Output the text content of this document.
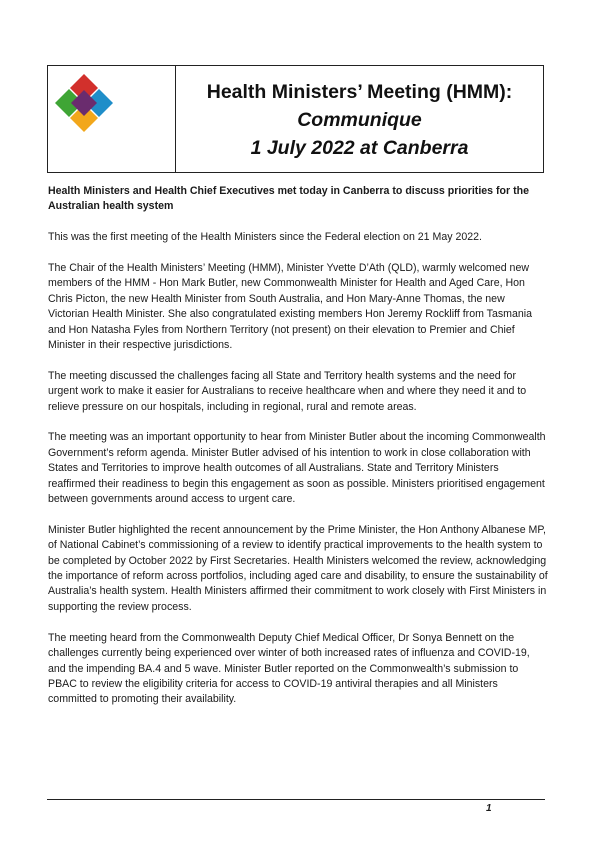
Health Ministers’ Meeting (HMM):
Communique
1 July 2022 at Canberra

Health Ministers and Health Chief Executives met today in Canberra to discuss priorities for the Australian health system

This was the first meeting of the Health Ministers since the Federal election on 21 May 2022.

The Chair of the Health Ministers’ Meeting (HMM), Minister Yvette D’Ath (QLD), warmly welcomed new members of the HMM - Hon Mark Butler, new Commonwealth Minister for Health and Aged Care, Hon Chris Picton, the new Health Minister from South Australia, and Hon Mary-Anne Thomas, the new Victorian Health Minister. She also congratulated existing members Hon Jeremy Rockliff from Tasmania and Hon Natasha Fyles from Northern Territory (not present) on their elevation to Premier and Chief Minister in their respective jurisdictions.

The meeting discussed the challenges facing all State and Territory health systems and the need for urgent work to make it easier for Australians to receive healthcare when and where they need it and to relieve pressure on our hospitals, including in regional, rural and remote areas.

The meeting was an important opportunity to hear from Minister Butler about the incoming Commonwealth Government’s reform agenda. Minister Butler advised of his intention to work in close collaboration with States and Territories to improve health outcomes of all Australians. State and Territory Ministers reaffirmed their readiness to begin this engagement as soon as possible. Ministers prioritised engagement between governments around access to urgent care.

Minister Butler highlighted the recent announcement by the Prime Minister, the Hon Anthony Albanese MP, of National Cabinet’s commissioning of a review to identify practical improvements to the health system to be completed by October 2022 by First Secretaries. Health Ministers welcomed the review, acknowledging the importance of reform across portfolios, including aged care and disability, to ensure the sustainability of Australia’s health system. Health Ministers affirmed their commitment to work closely with First Ministers in supporting the review process.

The meeting heard from the Commonwealth Deputy Chief Medical Officer, Dr Sonya Bennett on the challenges currently being experienced over winter of both increased rates of influenza and COVID-19, and the impending BA.4 and 5 wave. Minister Butler reported on the Commonwealth’s submission to PBAC to review the eligibility criteria for access to COVID-19 antiviral therapies and all Ministers committed to promoting their availability.

1
